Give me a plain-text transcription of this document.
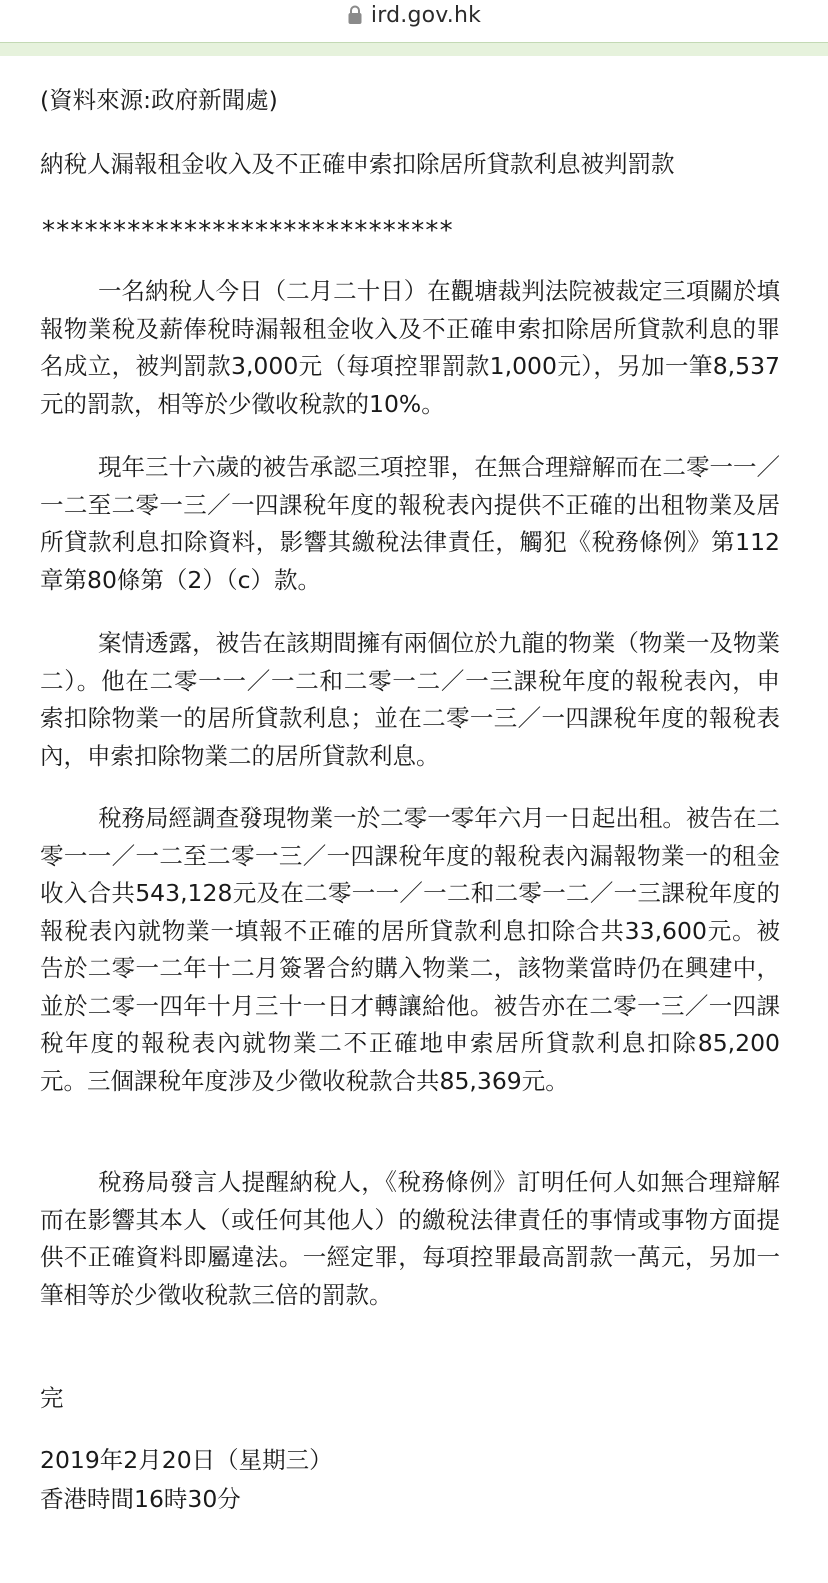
ird.gov.hk

(資料來源:政府新聞處)

納稅人漏報租金收入及不正確申索扣除居所貸款利息被判罰款

*****************************

一名納稅人今日（二月二十日）在觀塘裁判法院被裁定三項關於填報物業稅及薪俸稅時漏報租金收入及不正確申索扣除居所貸款利息的罪名成立，被判罰款3,000元（每項控罪罰款1,000元），另加一筆8,537元的罰款，相等於少徵收稅款的10%。

現年三十六歲的被告承認三項控罪，在無合理辯解而在二零一一／一二至二零一三／一四課稅年度的報稅表內提供不正確的出租物業及居所貸款利息扣除資料，影響其繳稅法律責任，觸犯《稅務條例》第112章第80條第（2）（c）款。

案情透露，被告在該期間擁有兩個位於九龍的物業（物業一及物業二）。他在二零一一／一二和二零一二／一三課稅年度的報稅表內，申索扣除物業一的居所貸款利息；並在二零一三／一四課稅年度的報稅表內，申索扣除物業二的居所貸款利息。

稅務局經調查發現物業一於二零一零年六月一日起出租。被告在二零一一／一二至二零一三／一四課稅年度的報稅表內漏報物業一的租金收入合共543,128元及在二零一一／一二和二零一二／一三課稅年度的報稅表內就物業一填報不正確的居所貸款利息扣除合共33,600元。被告於二零一二年十二月簽署合約購入物業二，該物業當時仍在興建中，並於二零一四年十月三十一日才轉讓給他。被告亦在二零一三／一四課稅年度的報稅表內就物業二不正確地申索居所貸款利息扣除85,200元。三個課稅年度涉及少徵收稅款合共85,369元。

稅務局發言人提醒納稅人，《稅務條例》訂明任何人如無合理辯解而在影響其本人（或任何其他人）的繳稅法律責任的事情或事物方面提供不正確資料即屬違法。一經定罪，每項控罪最高罰款一萬元，另加一筆相等於少徵收稅款三倍的罰款。

完

2019年2月20日（星期三）

香港時間16時30分
